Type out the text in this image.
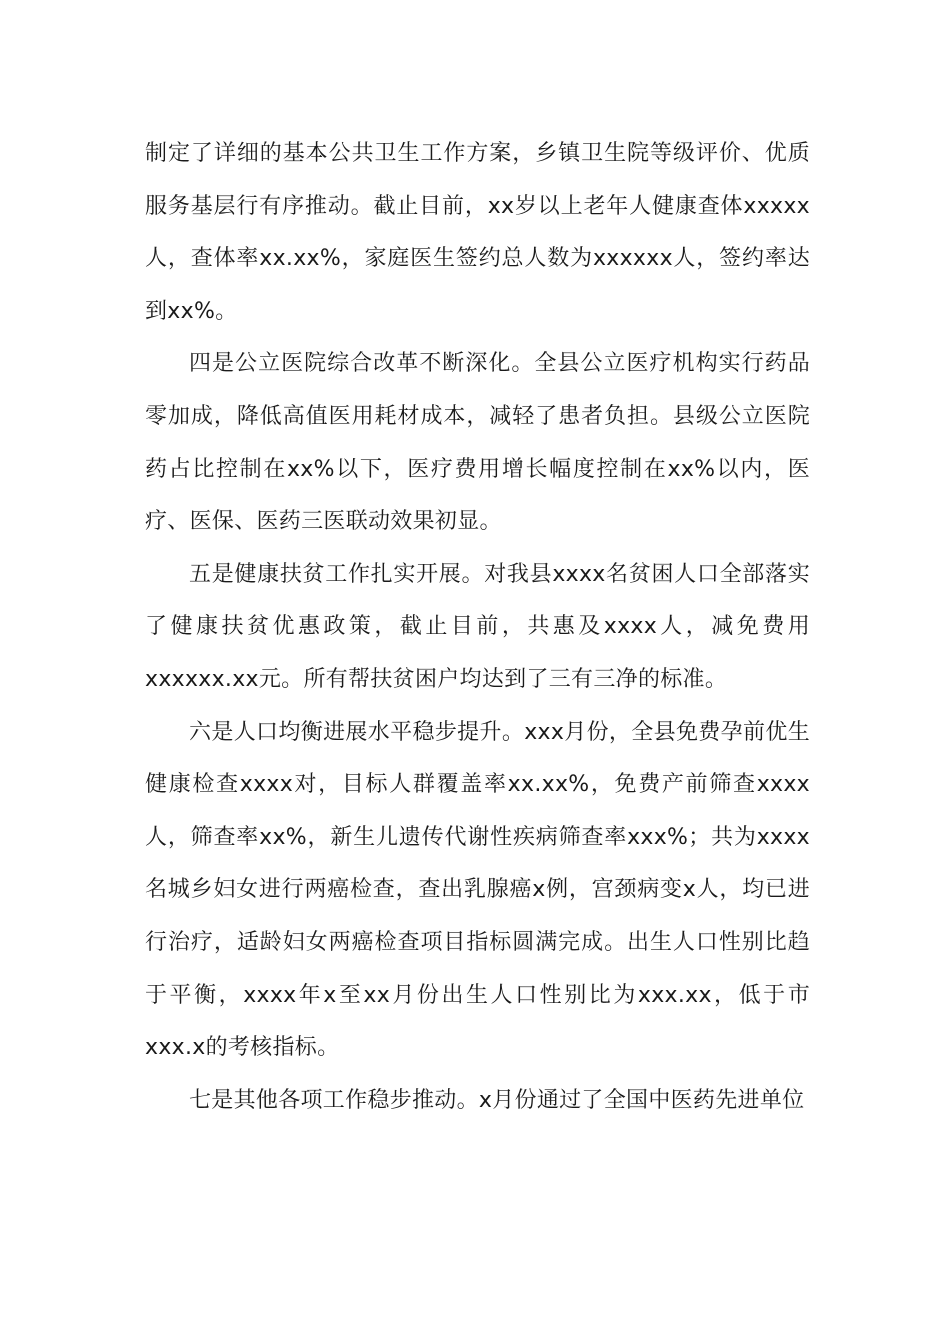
制定了详细的基本公共卫生工作方案，乡镇卫生院等级评价、优质服务基层行有序推动。截止目前，xx岁以上老年人健康查体xxxxx人，查体率xx.xx%，家庭医生签约总人数为xxxxxx人，签约率达到xx%。

四是公立医院综合改革不断深化。全县公立医疗机构实行药品零加成，降低高值医用耗材成本，减轻了患者负担。县级公立医院药占比控制在xx%以下，医疗费用增长幅度控制在xx%以内，医疗、医保、医药三医联动效果初显。

五是健康扶贫工作扎实开展。对我县xxxx名贫困人口全部落实了健康扶贫优惠政策，截止目前，共惠及xxxx人，减免费用xxxxxx.xx元。所有帮扶贫困户均达到了三有三净的标准。

六是人口均衡进展水平稳步提升。xxx月份，全县免费孕前优生健康检查xxxx对，目标人群覆盖率xx.xx%，免费产前筛查xxxx人，筛查率xx%，新生儿遗传代谢性疾病筛查率xxx%；共为xxxx名城乡妇女进行两癌检查，查出乳腺癌x例，宫颈病变x人，均已进行治疗，适龄妇女两癌检查项目指标圆满完成。出生人口性别比趋于平衡，xxxx年x至xx月份出生人口性别比为xxx.xx，低于市xxx.x的考核指标。

七是其他各项工作稳步推动。x月份通过了全国中医药先进单位
